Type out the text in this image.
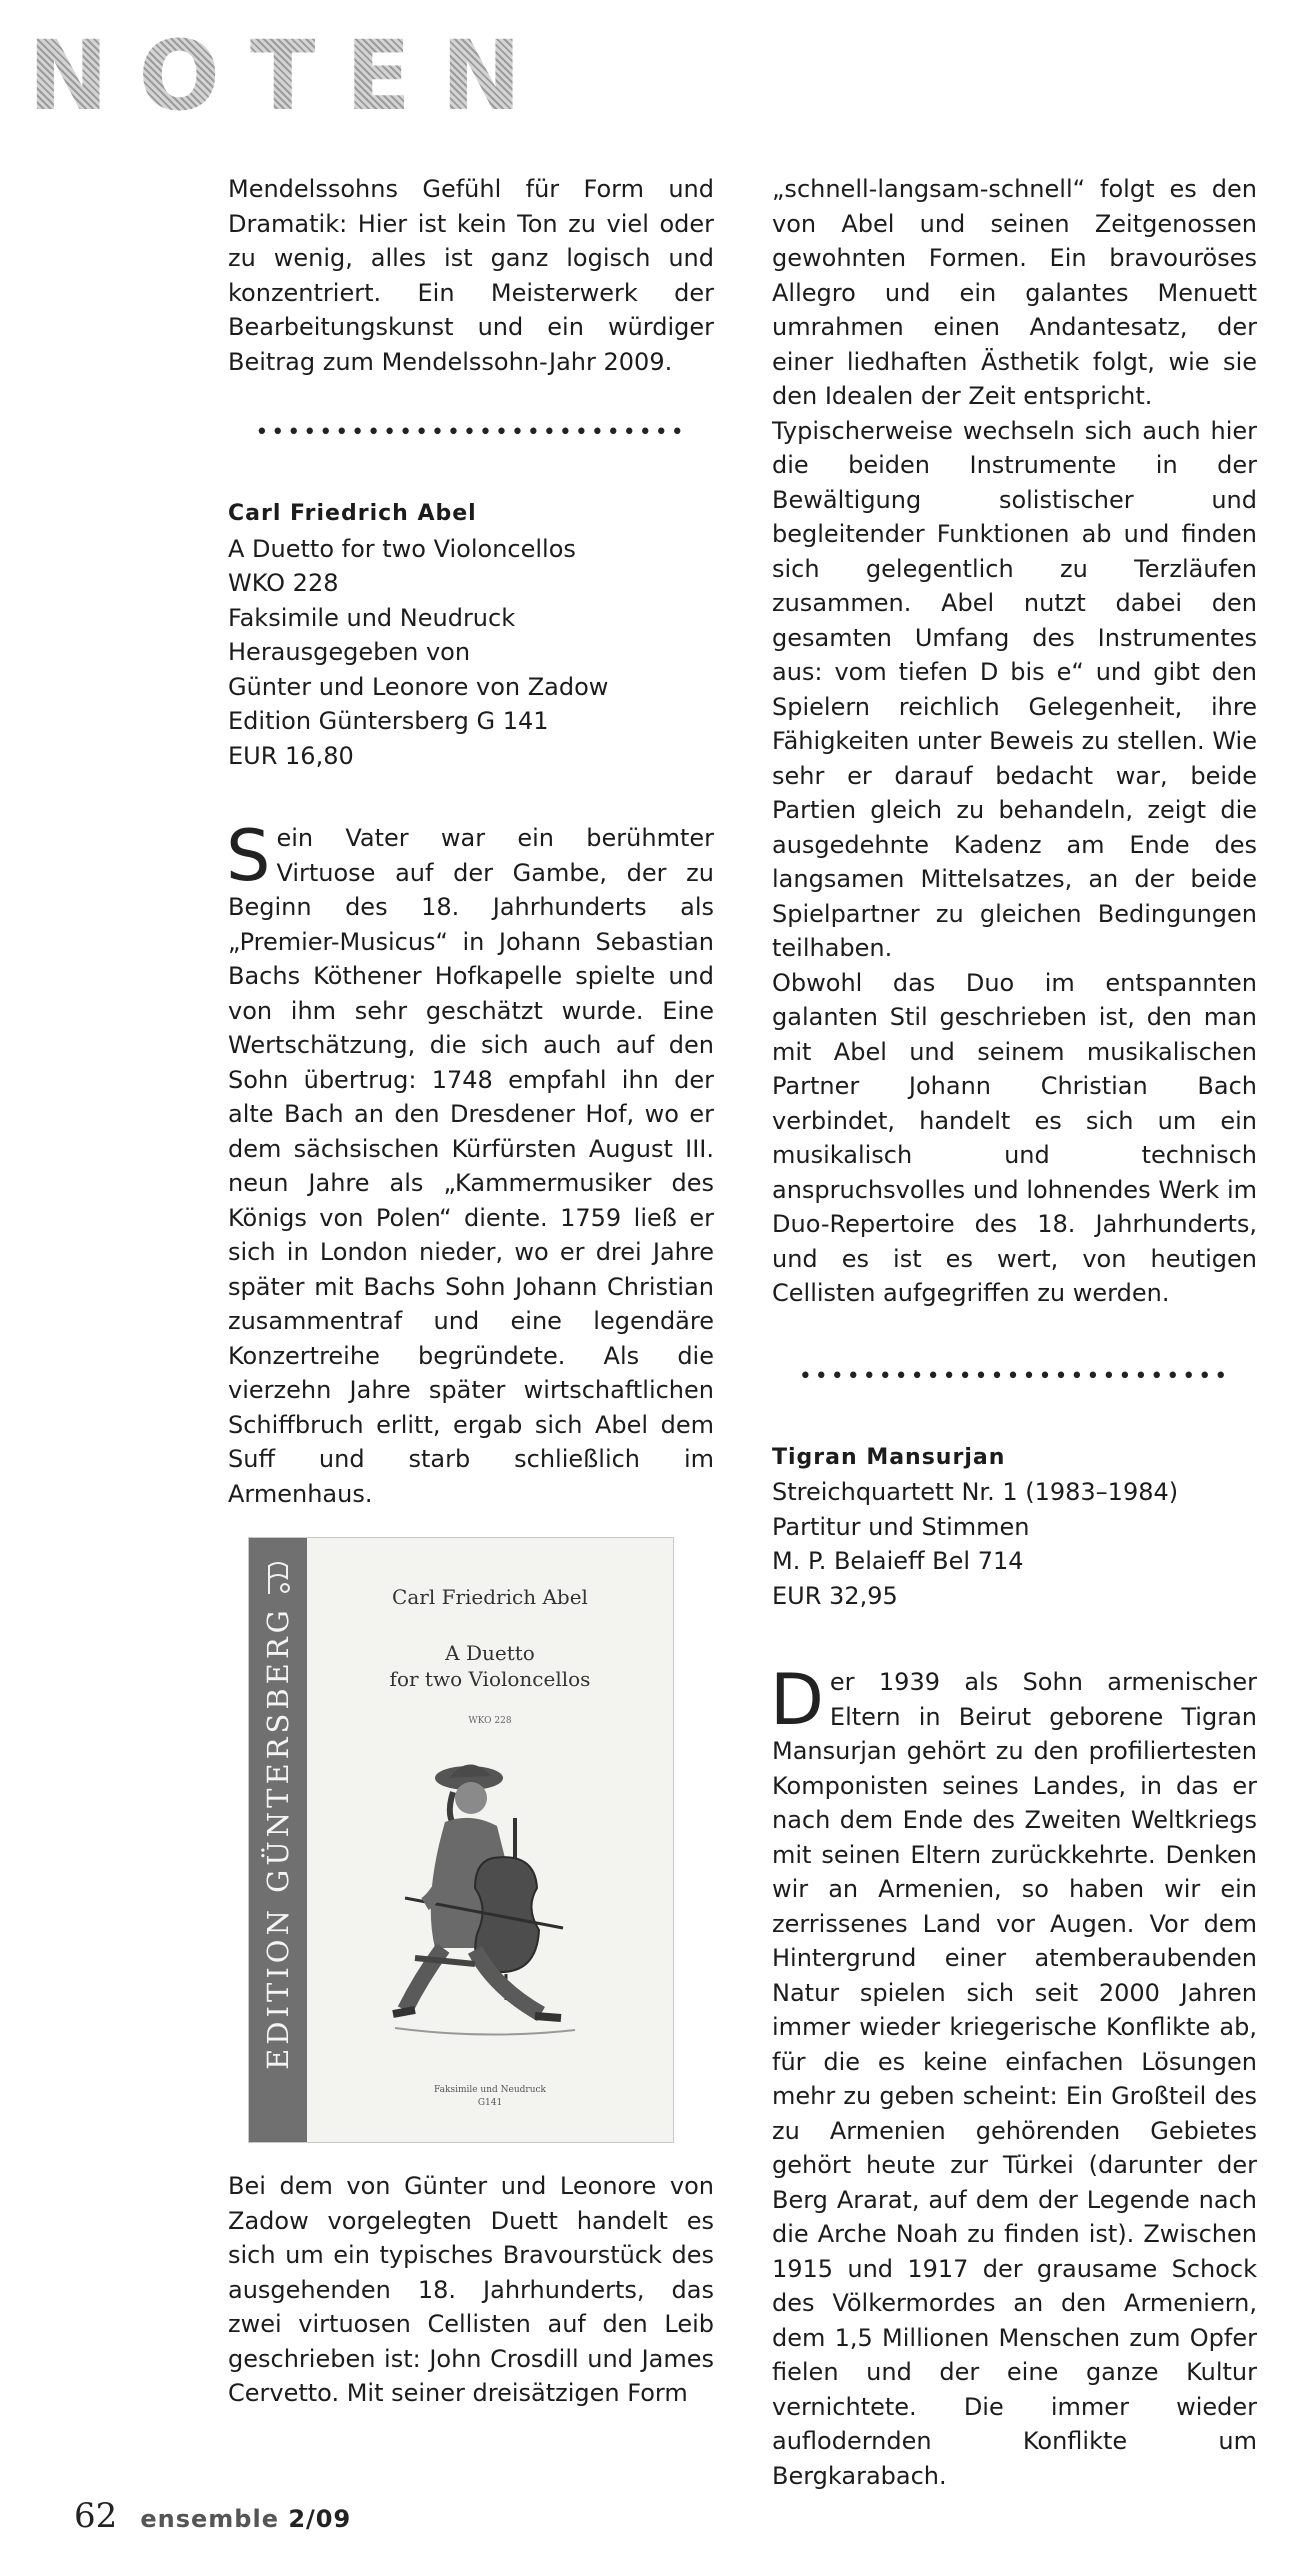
NOTEN

Mendelssohns Gefühl für Form und Dramatik: Hier ist kein Ton zu viel oder zu wenig, alles ist ganz logisch und konzentriert. Ein Meisterwerk der Bearbeitungskunst und ein würdiger Beitrag zum Mendelssohn-Jahr 2009.

•••••••••••••••••••••••••••
Carl Friedrich Abel
A Duetto for two Violoncellos
WKO 228
Faksimile und Neudruck
Herausgegeben von
Günter und Leonore von Zadow
Edition Güntersberg G 141
EUR 16,80

Sein Vater war ein berühmter Virtuose auf der Gambe, der zu Beginn des 18. Jahrhunderts als „Premier-Musicus“ in Johann Sebastian Bachs Köthener Hofkapelle spielte und von ihm sehr geschätzt wurde. Eine Wertschätzung, die sich auch auf den Sohn übertrug: 1748 empfahl ihn der alte Bach an den Dresdener Hof, wo er dem sächsischen Kürfürsten August III. neun Jahre als „Kammermusiker des Königs von Polen“ diente. 1759 ließ er sich in London nieder, wo er drei Jahre später mit Bachs Sohn Johann Christian zusammentraf und eine legendäre Konzertreihe begründete. Als die vierzehn Jahre später wirtschaftlichen Schiffbruch erlitt, ergab sich Abel dem Suff und starb schließlich im Armenhaus.

EDITION GÜNTERSBERG
Carl Friedrich Abel
A Duetto
for two Violoncellos
WKO 228
Faksimile und Neudruck
G141

Bei dem von Günter und Leonore von Zadow vorgelegten Duett handelt es sich um ein typisches Bravourstück des ausgehenden 18. Jahrhunderts, das zwei virtuosen Cellisten auf den Leib geschrieben ist: John Crosdill und James Cervetto. Mit seiner dreisätzigen Form

„schnell-langsam-schnell“ folgt es den von Abel und seinen Zeitgenossen gewohnten Formen. Ein bravouröses Allegro und ein galantes Menuett umrahmen einen Andantesatz, der einer liedhaften Ästhetik folgt, wie sie den Idealen der Zeit entspricht.

Typischerweise wechseln sich auch hier die beiden Instrumente in der Bewältigung solistischer und begleitender Funktionen ab und finden sich gelegentlich zu Terzläufen zusammen. Abel nutzt dabei den gesamten Umfang des Instrumentes aus: vom tiefen D bis e“ und gibt den Spielern reichlich Gelegenheit, ihre Fähigkeiten unter Beweis zu stellen. Wie sehr er darauf bedacht war, beide Partien gleich zu behandeln, zeigt die ausgedehnte Kadenz am Ende des langsamen Mittelsatzes, an der beide Spielpartner zu gleichen Bedingungen teilhaben.

Obwohl das Duo im entspannten galanten Stil geschrieben ist, den man mit Abel und seinem musikalischen Partner Johann Christian Bach verbindet, handelt es sich um ein musikalisch und technisch anspruchsvolles und lohnendes Werk im Duo-Repertoire des 18. Jahrhunderts, und es ist es wert, von heutigen Cellisten aufgegriffen zu werden.

•••••••••••••••••••••••••••
Tigran Mansurjan
Streichquartett Nr. 1 (1983–1984)
Partitur und Stimmen
M. P. Belaieff Bel 714
EUR 32,95

Der 1939 als Sohn armenischer Eltern in Beirut geborene Tigran Mansurjan gehört zu den profiliertesten Komponisten seines Landes, in das er nach dem Ende des Zweiten Weltkriegs mit seinen Eltern zurückkehrte. Denken wir an Armenien, so haben wir ein zerrissenes Land vor Augen. Vor dem Hintergrund einer atemberaubenden Natur spielen sich seit 2000 Jahren immer wieder kriegerische Konflikte ab, für die es keine einfachen Lösungen mehr zu geben scheint: Ein Großteil des zu Armenien gehörenden Gebietes gehört heute zur Türkei (darunter der Berg Ararat, auf dem der Legende nach die Arche Noah zu finden ist). Zwischen 1915 und 1917 der grausame Schock des Völkermordes an den Armeniern, dem 1,5 Millionen Menschen zum Opfer fielen und der eine ganze Kultur vernichtete. Die immer wieder auflodernden Konflikte um Bergkarabach.

62 ensemble 2/09
